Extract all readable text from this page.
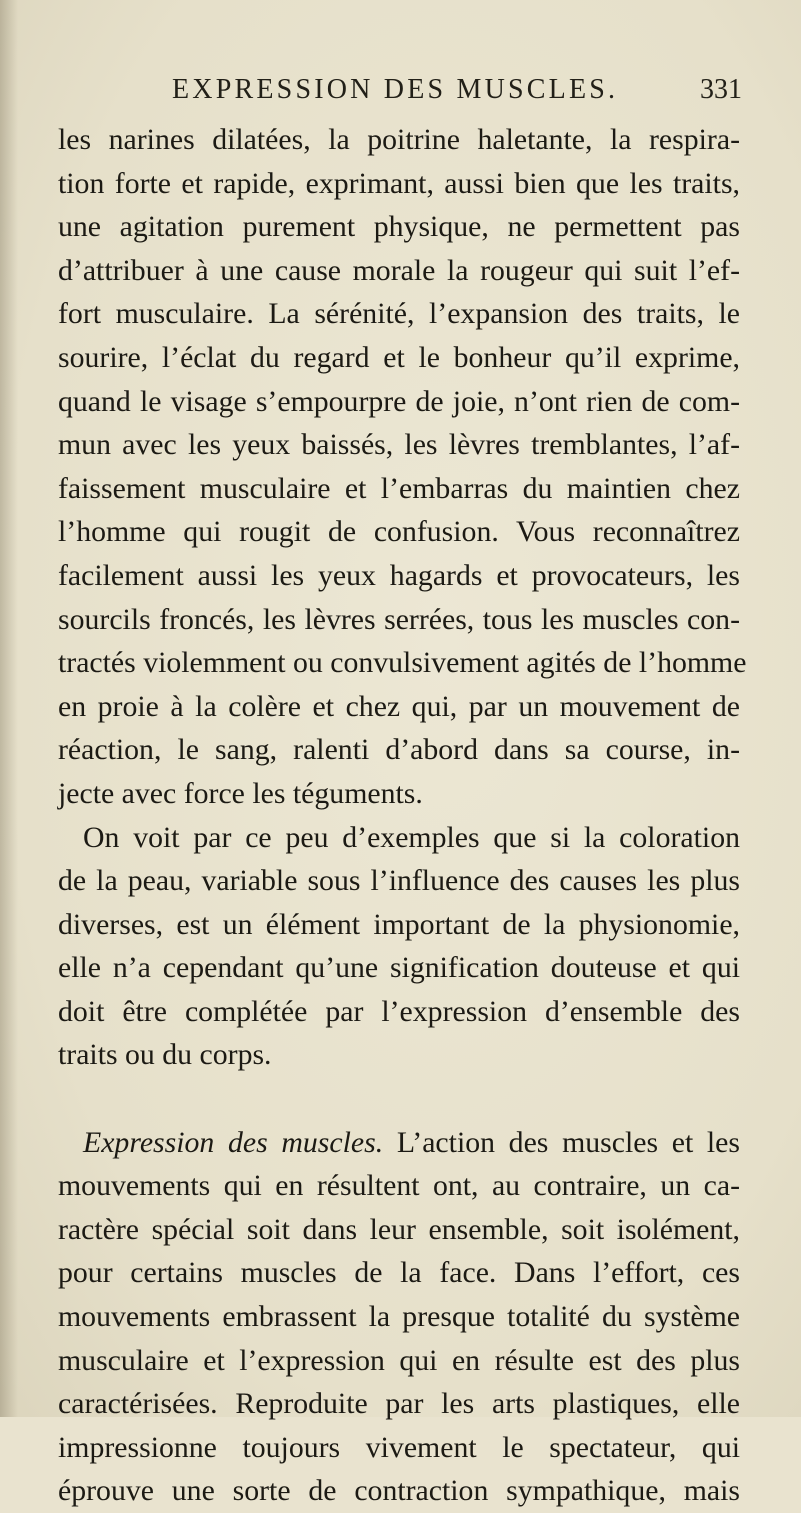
EXPRESSION DES MUSCLES.	331
les narines dilatées, la poitrine haletante, la respira-
tion forte et rapide, exprimant, aussi bien que les traits,
une agitation purement physique, ne permettent pas
d’attribuer à une cause morale la rougeur qui suit l’ef-
fort musculaire. La sérénité, l’expansion des traits, le
sourire, l’éclat du regard et le bonheur qu’il exprime,
quand le visage s’empourpre de joie, n’ont rien de com-
mun avec les yeux baissés, les lèvres tremblantes, l’af-
faissement musculaire et l’embarras du maintien chez
l’homme qui rougit de confusion. Vous reconnaîtrez
facilement aussi les yeux hagards et provocateurs, les
sourcils froncés, les lèvres serrées, tous les muscles con-
tractés violemment ou convulsivement agités de l’homme
en proie à la colère et chez qui, par un mouvement de
réaction, le sang, ralenti d’abord dans sa course, in-
jecte avec force les téguments.
On voit par ce peu d’exemples que si la coloration
de la peau, variable sous l’influence des causes les plus
diverses, est un élément important de la physionomie,
elle n’a cependant qu’une signification douteuse et qui
doit être complétée par l’expression d’ensemble des
traits ou du corps.
Expression des muscles. L’action des muscles et les
mouvements qui en résultent ont, au contraire, un ca-
ractère spécial soit dans leur ensemble, soit isolément,
pour certains muscles de la face. Dans l’effort, ces
mouvements embrassent la presque totalité du système
musculaire et l’expression qui en résulte est des plus
caractérisées. Reproduite par les arts plastiques, elle
impressionne toujours vivement le spectateur, qui
éprouve une sorte de contraction sympathique, mais
